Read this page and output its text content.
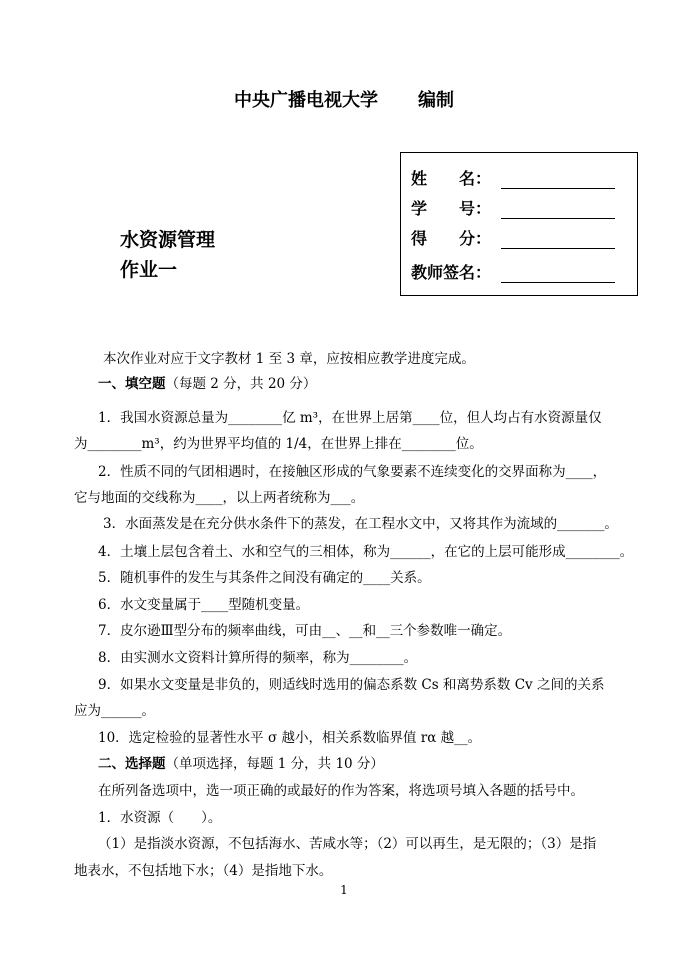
中央广播电视大学 编制
姓　　名：
学　　号：
得　　分：
教师签名：
水资源管理
作业一
本次作业对应于文字教材 1 至 3 章，应按相应教学进度完成。
一、填空题（每题 2 分，共 20 分）
1．我国水资源总量为________亿 m³，在世界上居第____位，但人均占有水资源量仅
为________m³，约为世界平均值的 1/4，在世界上排在________位。
2．性质不同的气团相遇时，在接触区形成的气象要素不连续变化的交界面称为____，
它与地面的交线称为____，以上两者统称为___。
3．水面蒸发是在充分供水条件下的蒸发，在工程水文中，又将其作为流域的_______。
4．土壤上层包含着土、水和空气的三相体，称为______，在它的上层可能形成________。
5．随机事件的发生与其条件之间没有确定的____关系。
6．水文变量属于____型随机变量。
7．皮尔逊Ⅲ型分布的频率曲线，可由__、__和__三个参数唯一确定。
8．由实测水文资料计算所得的频率，称为________。
9．如果水文变量是非负的，则适线时选用的偏态系数 Cs 和离势系数 Cv 之间的关系
应为______。
10．选定检验的显著性水平 σ 越小，相关系数临界值 rα 越__。
二、选择题（单项选择，每题 1 分，共 10 分）
在所列备选项中，选一项正确的或最好的作为答案，将选项号填入各题的括号中。
1．水资源（　　）。
（1）是指淡水资源，不包括海水、苦咸水等；（2）可以再生，是无限的；（3）是指
地表水，不包括地下水；（4）是指地下水。
1
